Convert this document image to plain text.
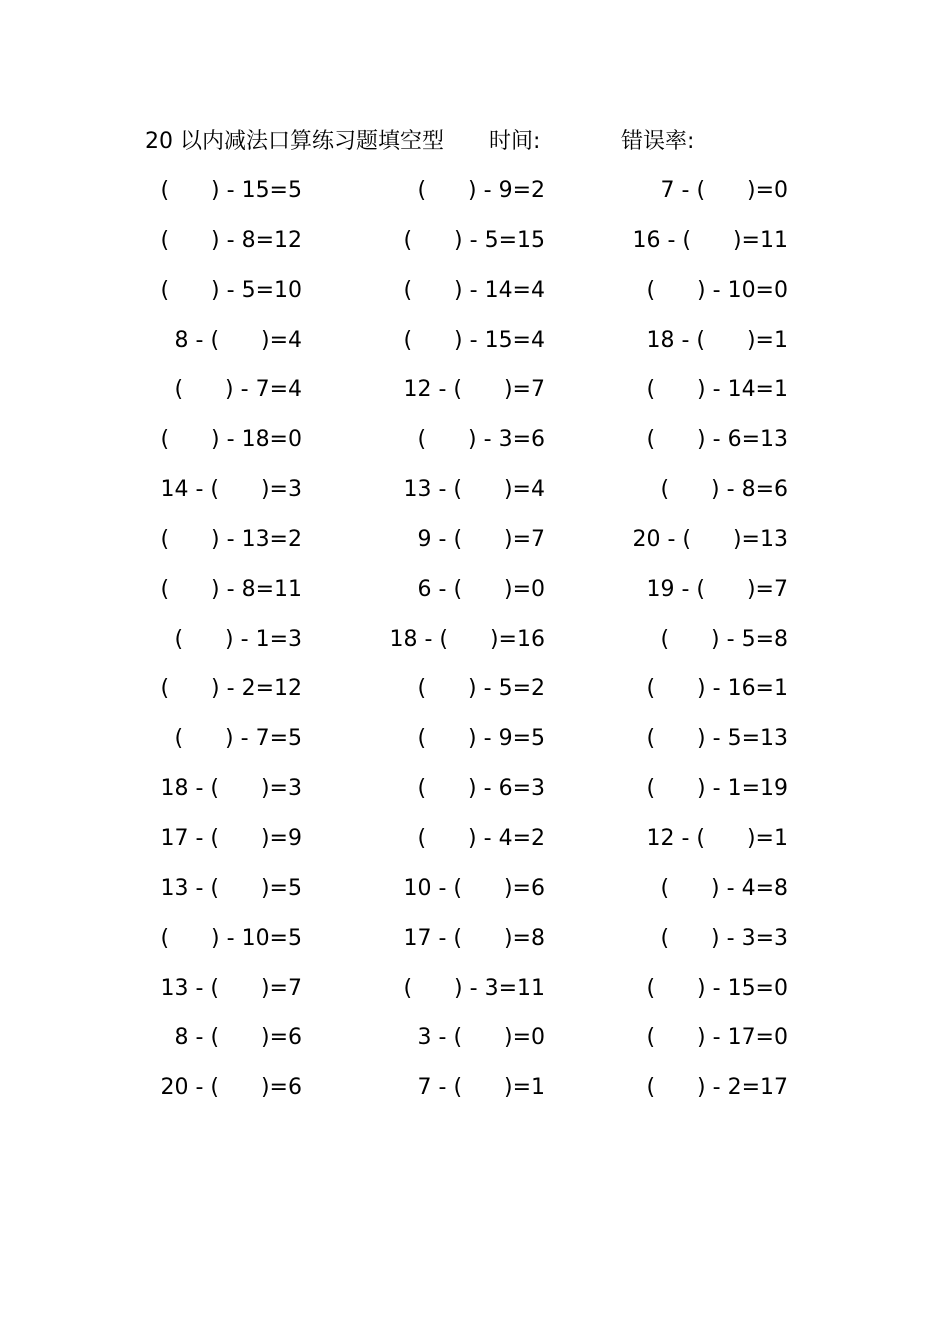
20 以内减法口算练习题填空型 时间:	错误率:
(      ) - 15=5	(      ) - 9=2	7 - (      )=0
(      ) - 8=12	(      ) - 5=15	16 - (      )=11
(      ) - 5=10	(      ) - 14=4	(      ) - 10=0
8 - (      )=4	(      ) - 15=4	18 - (      )=1
(      ) - 7=4	12 - (      )=7	(      ) - 14=1
(      ) - 18=0	(      ) - 3=6	(      ) - 6=13
14 - (      )=3	13 - (      )=4	(      ) - 8=6
(      ) - 13=2	9 - (      )=7	20 - (      )=13
(      ) - 8=11	6 - (      )=0	19 - (      )=7
(      ) - 1=3	18 - (      )=16	(      ) - 5=8
(      ) - 2=12	(      ) - 5=2	(      ) - 16=1
(      ) - 7=5	(      ) - 9=5	(      ) - 5=13
18 - (      )=3	(      ) - 6=3	(      ) - 1=19
17 - (      )=9	(      ) - 4=2	12 - (      )=1
13 - (      )=5	10 - (      )=6	(      ) - 4=8
(      ) - 10=5	17 - (      )=8	(      ) - 3=3
13 - (      )=7	(      ) - 3=11	(      ) - 15=0
8 - (      )=6	3 - (      )=0	(      ) - 17=0
20 - (      )=6	7 - (      )=1	(      ) - 2=17
